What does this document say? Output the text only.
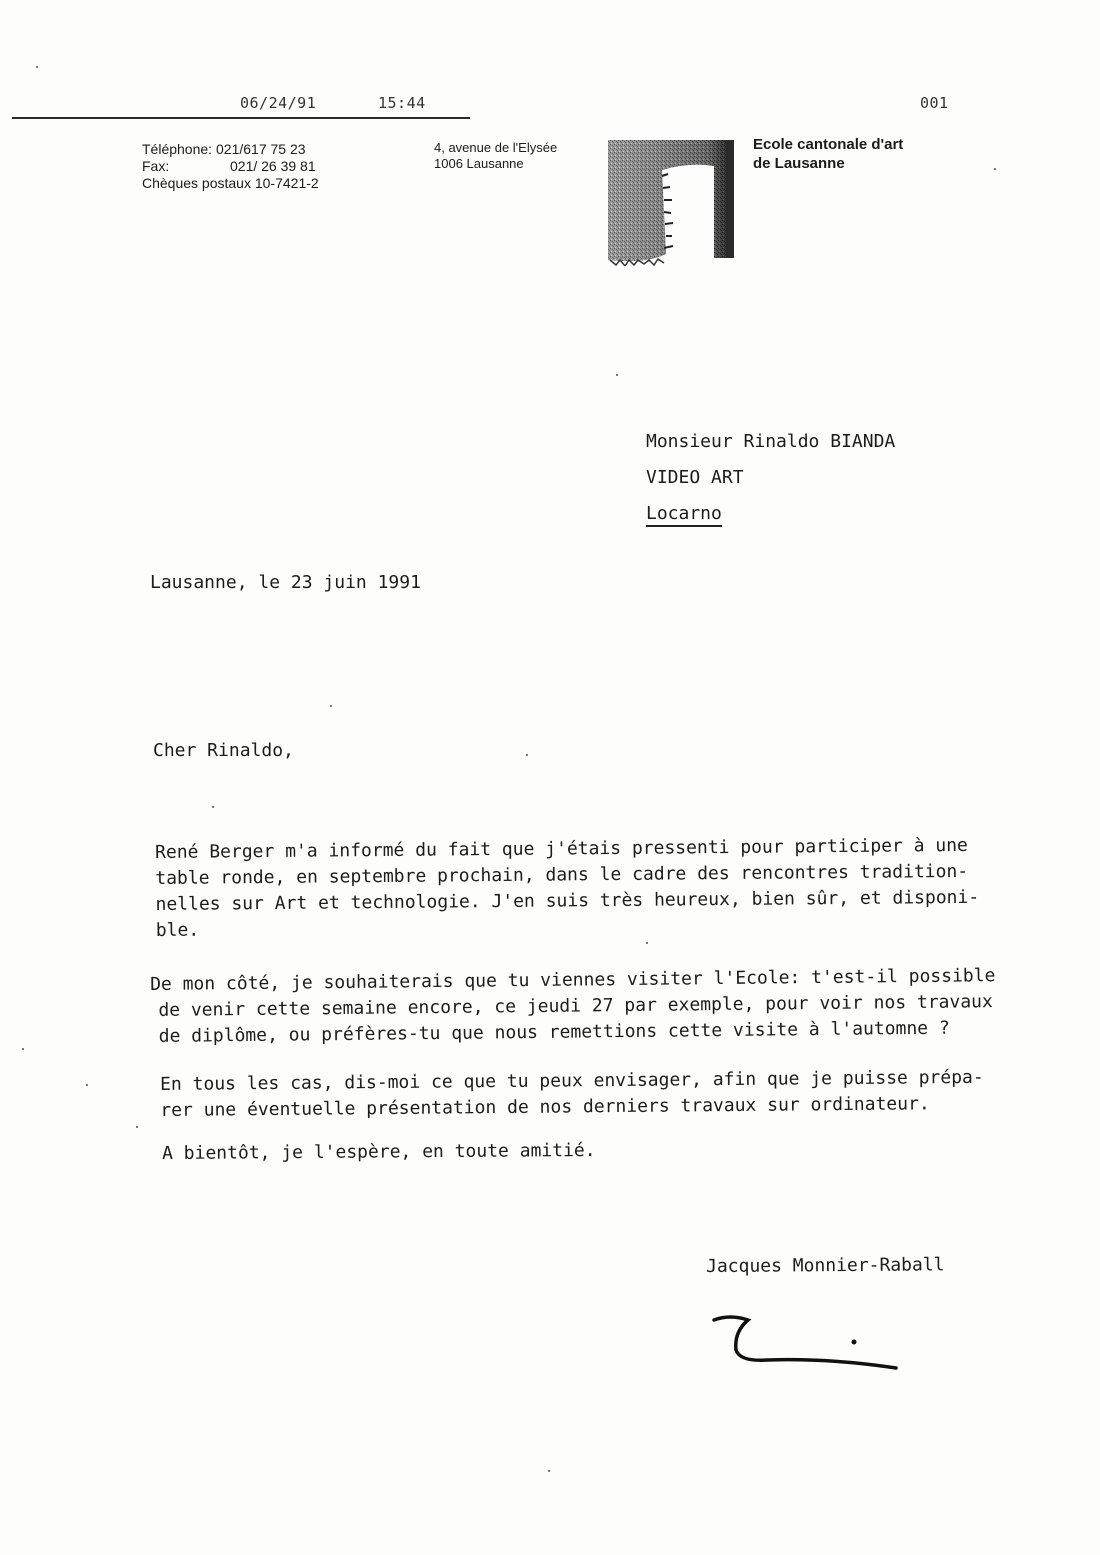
06/24/91	15:44	001
Téléphone: 021/617 75 23
Fax:	021/ 26 39 81
Chèques postaux 10-7421-2
4, avenue de l'Elysée
1006 Lausanne
Ecole cantonale d'art
de Lausanne
Monsieur Rinaldo BIANDA
VIDEO ART
Locarno
Lausanne, le 23 juin 1991
Cher Rinaldo,
René Berger m'a informé du fait que j'étais pressenti pour participer à une
table ronde, en septembre prochain, dans le cadre des rencontres tradition-
nelles sur Art et technologie. J'en suis très heureux, bien sûr, et disponi-
ble.
De mon côté, je souhaiterais que tu viennes visiter l'Ecole: t'est-il possible
de venir cette semaine encore, ce jeudi 27 par exemple, pour voir nos travaux
de diplôme, ou préfères-tu que nous remettions cette visite à l'automne ?
En tous les cas, dis-moi ce que tu peux envisager, afin que je puisse prépa-
rer une éventuelle présentation de nos derniers travaux sur ordinateur.
A bientôt, je l'espère, en toute amitié.
Jacques Monnier-Raball
